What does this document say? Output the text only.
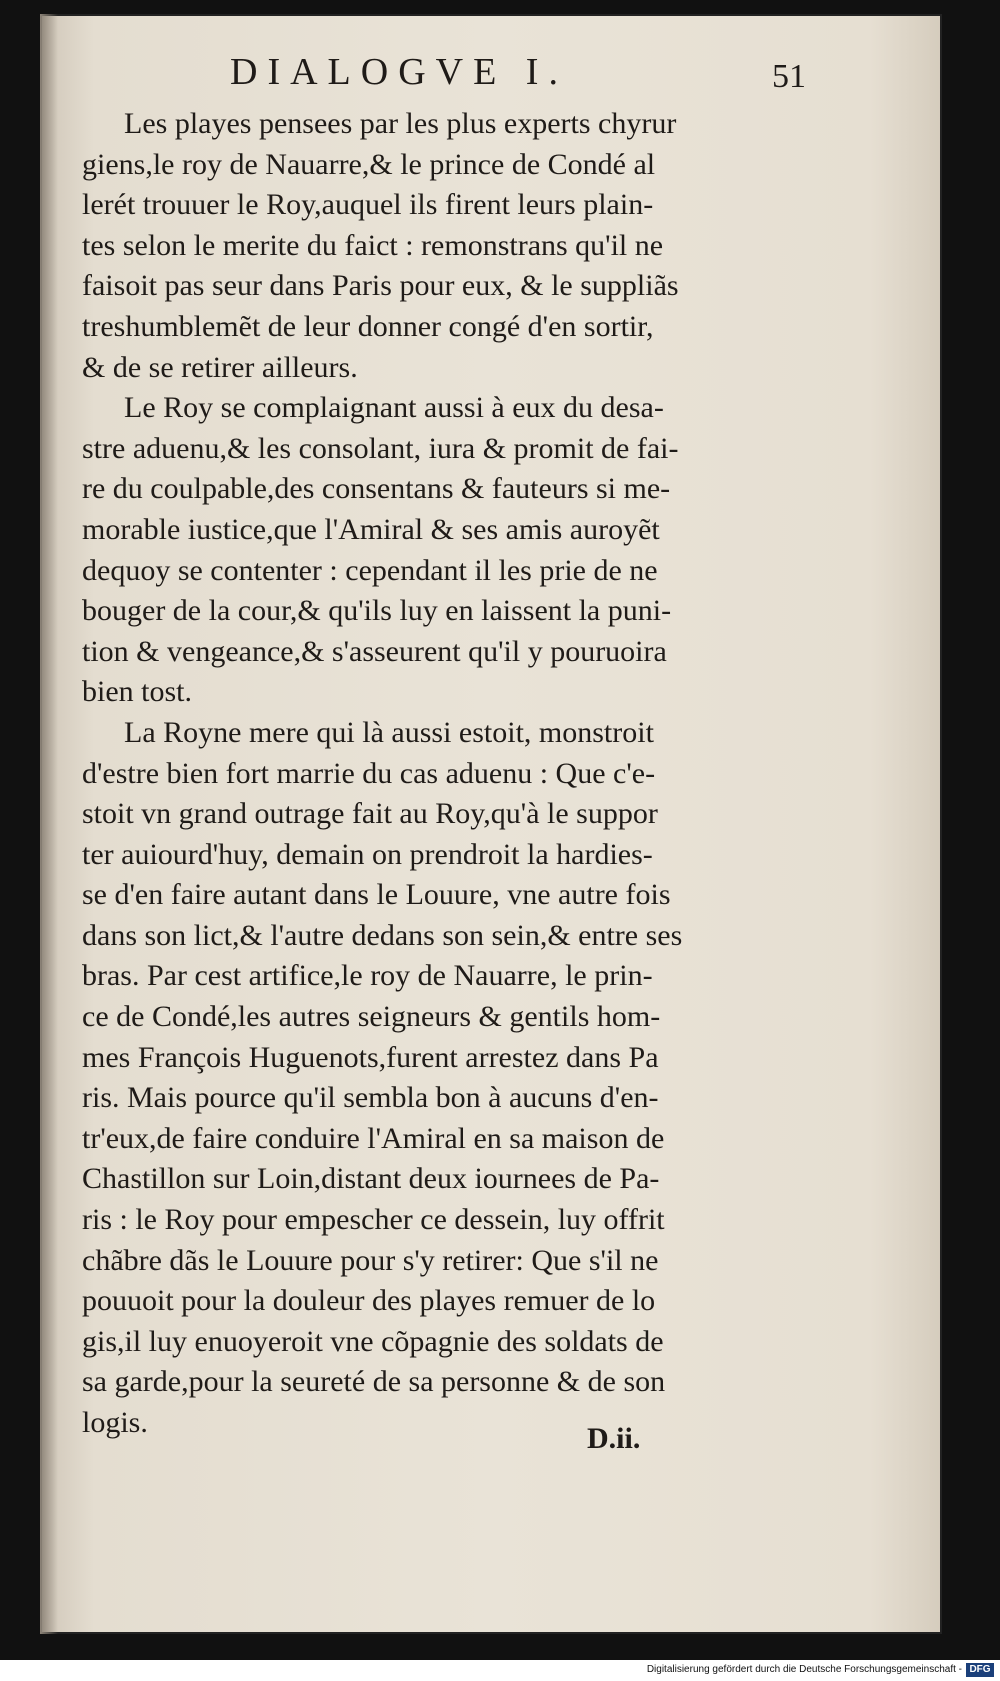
DIALOGVE I.	51
Les playes pensees par les plus experts chyrur
giens,le roy de Nauarre,& le prince de Condé al
lerét trouuer le Roy,auquel ils firent leurs plain-
tes selon le merite du faict : remonstrans qu'il ne
faisoit pas seur dans Paris pour eux, & le suppliãs
treshumblemẽt de leur donner congé d'en sortir,
& de se retirer ailleurs.
Le Roy se complaignant aussi à eux du desa-
stre aduenu,& les consolant, iura & promit de fai-
re du coulpable,des consentans & fauteurs si me-
morable iustice,que l'Amiral & ses amis auroyẽt
dequoy se contenter : cependant il les prie de ne
bouger de la cour,& qu'ils luy en laissent la puni-
tion & vengeance,& s'asseurent qu'il y pouruoira
bien tost.
La Royne mere qui là aussi estoit, monstroit
d'estre bien fort marrie du cas aduenu : Que c'e-
stoit vn grand outrage fait au Roy,qu'à le suppor
ter auiourd'huy, demain on prendroit la hardies-
se d'en faire autant dans le Louure, vne autre fois
dans son lict,& l'autre dedans son sein,& entre ses
bras. Par cest artifice,le roy de Nauarre, le prin-
ce de Condé,les autres seigneurs & gentils hom-
mes François Huguenots,furent arrestez dans Pa
ris. Mais pource qu'il sembla bon à aucuns d'en-
tr'eux,de faire conduire l'Amiral en sa maison de
Chastillon sur Loin,distant deux iournees de Pa-
ris : le Roy pour empescher ce dessein, luy offrit
chãbre dãs le Louure pour s'y retirer: Que s'il ne
pouuoit pour la douleur des playes remuer de lo
gis,il luy enuoyeroit vne cõpagnie des soldats de
sa garde,pour la seureté de sa personne & de son
logis.	D.ii.
Digitalisierung gefördert durch die Deutsche Forschungsgemeinschaft - DFG
